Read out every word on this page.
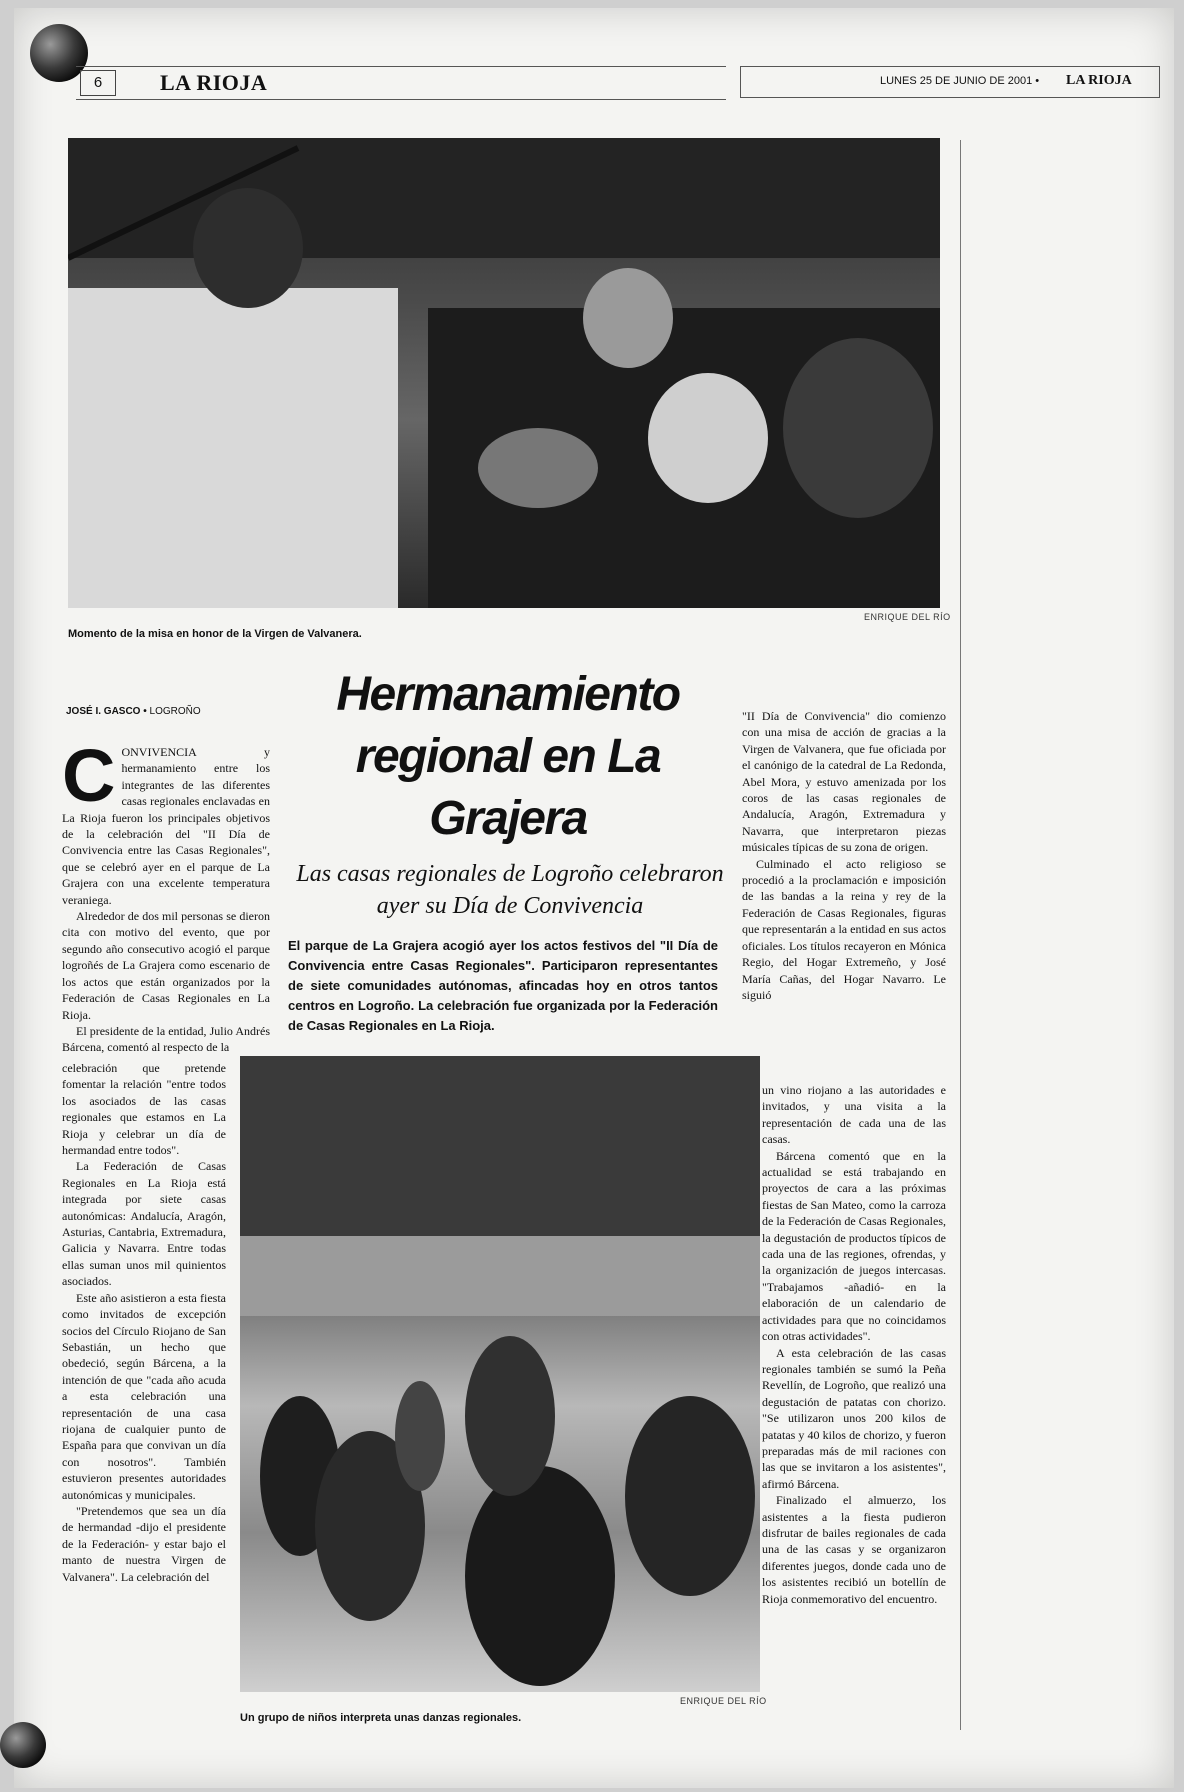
6	LA RIOJA	LUNES 25 DE JUNIO DE 2001 • LA RIOJA
ENRIQUE DEL RÍO
Momento de la misa en honor de la Virgen de Valvanera.
JOSÉ I. GASCO • LOGROÑO	Hermanamiento regional en La Grajera
Las casas regionales de Logroño celebraron ayer su Día de Convivencia
El parque de La Grajera acogió ayer los actos festivos del "II Día de Convivencia entre Casas Regionales". Participaron representantes de siete comunidades autónomas, afincadas hoy en otros tantos centros en Logroño. La celebración fue organizada por la Federación de Casas Regionales en La Rioja.

CONVIVENCIA y hermanamiento entre los integrantes de las diferentes casas regionales enclavadas en La Rioja fueron los principales objetivos de la celebración del "II Día de Convivencia entre las Casas Regionales", que se celebró ayer en el parque de La Grajera con una excelente temperatura veraniega.

Alrededor de dos mil personas se dieron cita con motivo del evento, que por segundo año consecutivo acogió el parque logroñés de La Grajera como escenario de los actos que están organizados por la Federación de Casas Regionales en La Rioja.

El presidente de la entidad, Julio Andrés Bárcena, comentó al respecto de la

celebración que pretende fomentar la relación "entre todos los asociados de las casas regionales que estamos en La Rioja y celebrar un día de hermandad entre todos".

La Federación de Casas Regionales en La Rioja está integrada por siete casas autonómicas: Andalucía, Aragón, Asturias, Cantabria, Extremadura, Galicia y Navarra. Entre todas ellas suman unos mil quinientos asociados.

Este año asistieron a esta fiesta como invitados de excepción socios del Círculo Riojano de San Sebastián, un hecho que obedeció, según Bárcena, a la intención de que "cada año acuda a esta celebración una representación de una casa riojana de cualquier punto de España para que convivan un día con nosotros". También estuvieron presentes autoridades autonómicas y municipales.

"Pretendemos que sea un día de hermandad -dijo el presidente de la Federación- y estar bajo el manto de nuestra Virgen de Valvanera". La celebración del

ENRIQUE DEL RÍO
Un grupo de niños interpreta unas danzas regionales.

"II Día de Convivencia" dio comienzo con una misa de acción de gracias a la Virgen de Valvanera, que fue oficiada por el canónigo de la catedral de La Redonda, Abel Mora, y estuvo amenizada por los coros de las casas regionales de Andalucía, Aragón, Extremadura y Navarra, que interpretaron piezas músicales típicas de su zona de origen.

Culminado el acto religioso se procedió a la proclamación e imposición de las bandas a la reina y rey de la Federación de Casas Regionales, figuras que representarán a la entidad en sus actos oficiales. Los títulos recayeron en Mónica Regio, del Hogar Extremeño, y José María Cañas, del Hogar Navarro. Le siguió

un vino riojano a las autoridades e invitados, y una visita a la representación de cada una de las casas.

Bárcena comentó que en la actualidad se está trabajando en proyectos de cara a las próximas fiestas de San Mateo, como la carroza de la Federación de Casas Regionales, la degustación de productos típicos de cada una de las regiones, ofrendas, y la organización de juegos intercasas. "Trabajamos -añadió- en la elaboración de un calendario de actividades para que no coincidamos con otras actividades".

A esta celebración de las casas regionales también se sumó la Peña Revellín, de Logroño, que realizó una degustación de patatas con chorizo. "Se utilizaron unos 200 kilos de patatas y 40 kilos de chorizo, y fueron preparadas más de mil raciones con las que se invitaron a los asistentes", afirmó Bárcena.

Finalizado el almuerzo, los asistentes a la fiesta pudieron disfrutar de bailes regionales de cada una de las casas y se organizaron diferentes juegos, donde cada uno de los asistentes recibió un botellín de Rioja conmemorativo del encuentro.
